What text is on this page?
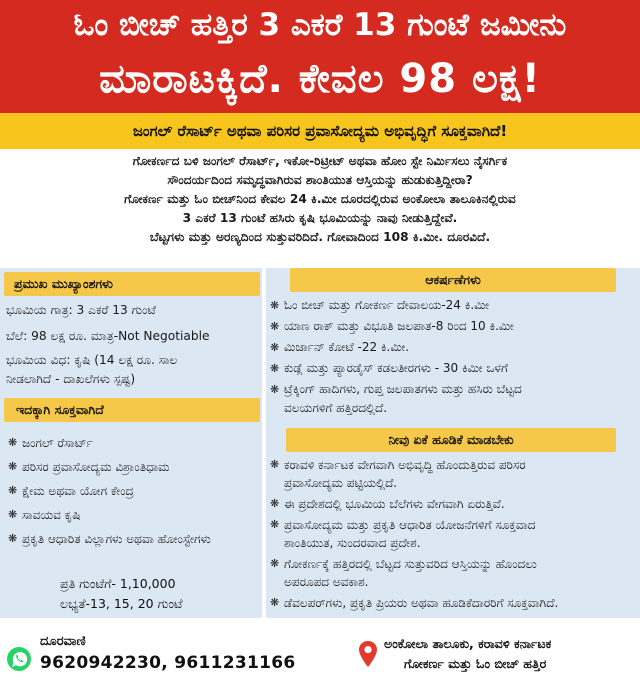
ಓಂ ಬೀಚ್ ಹತ್ತಿರ 3 ಎಕರೆ 13 ಗುಂಟೆ ಜಮೀನು
ಮಾರಾಟಕ್ಕಿದೆ. ಕೇವಲ 98 ಲಕ್ಷ!
ಜಂಗಲ್ ರೆಸಾರ್ಟ್ ಅಥವಾ ಪರಿಸರ ಪ್ರವಾಸೋದ್ಯಮ ಅಭಿವೃದ್ಧಿಗೆ ಸೂಕ್ತವಾಗಿದೆ!

ಗೋಕರ್ಣದ ಬಳಿ ಜಂಗಲ್ ರೆಸಾರ್ಟ್, ಇಕೋ-ರಿಟ್ರೀಟ್ ಅಥವಾ ಹೋಂ ಸ್ಟೇ ನಿರ್ಮಿಸಲು ನೈಸರ್ಗಿಕ

ಸೌಂದರ್ಯದಿಂದ ಸಮೃದ್ಧವಾಗಿರುವ ಶಾಂತಿಯುತ ಆಸ್ತಿಯನ್ನು ಹುಡುಕುತ್ತಿದ್ದೀರಾ?

ಗೋಕರ್ಣ ಮತ್ತು ಓಂ ಬೀಚ್‌ನಿಂದ ಕೇವಲ 24 ಕಿ.ಮೀ ದೂರದಲ್ಲಿರುವ ಅಂಕೋಲಾ ತಾಲೂಕಿನಲ್ಲಿರುವ

3 ಎಕರೆ 13 ಗುಂಟೆ ಹಸಿರು ಕೃಷಿ ಭೂಮಿಯನ್ನು ನಾವು ನೀಡುತ್ತಿದ್ದೇವೆ.

ಬೆಟ್ಟಗಳು ಮತ್ತು ಅರಣ್ಯದಿಂದ ಸುತ್ತುವರಿದಿದೆ. ಗೋವಾದಿಂದ 108 ಕಿ.ಮೀ. ದೂರವಿದೆ.

ಪ್ರಮುಖ ಮುಖ್ಯಾಂಶಗಳು
ಭೂಮಿಯ ಗಾತ್ರ: 3 ಎಕರೆ 13 ಗುಂಟೆ
ಬೆಲೆ: 98 ಲಕ್ಷ ರೂ. ಮಾತ್ರ-Not Negotiable
ಭೂಮಿಯ ವಿಧ: ಕೃಷಿ (14 ಲಕ್ಷ ರೂ. ಸಾಲ
ನೀಡಲಾಗಿದೆ - ದಾಖಲೆಗಳು ಸ್ಪಷ್ಟ)
ಇದಕ್ಕಾಗಿ ಸೂಕ್ತವಾಗಿದೆ
❋ ಜಂಗಲ್ ರೆಸಾರ್ಟ್
❋ ಪರಿಸರ ಪ್ರವಾಸೋದ್ಯಮ ವಿಶ್ರಾಂತಿಧಾಮ
❋ ಕ್ಷೇಮ ಅಥವಾ ಯೋಗ ಕೇಂದ್ರ
❋ ಸಾವಯವ ಕೃಷಿ
❋ ಪ್ರಕೃತಿ ಆಧಾರಿತ ವಿಲ್ಲಾಗಳು ಅಥವಾ ಹೋಂಸ್ಟೇಗಳು

ಪ್ರತಿ ಗುಂಟೆಗೆ- 1,10,000

ಲಭ್ಯತೆ-13, 15, 20 ಗುಂಟೆ

ಆಕರ್ಷಣೆಗಳು
❋ ಓಂ ಬೀಚ್ ಮತ್ತು ಗೋಕರ್ಣ ದೇವಾಲಯ-24 ಕಿ.ಮೀ
❋ ಯಾಣ ರಾಕ್ ಮತ್ತು ವಿಭೂತಿ ಜಲಪಾತ-8 ರಿಂದ 10 ಕಿ.ಮೀ
❋ ಮಿರ್ಜಾನ್ ಕೋಟೆ -22 ಕಿ.ಮೀ.
❋ ಕುಡ್ಲೆ ಮತ್ತು ಪ್ಯಾರಡೈಸ್ ಕಡಲತೀರಗಳು - 30 ಕಿಮೀ ಒಳಗೆ
❋ ಟ್ರೆಕ್ಕಿಂಗ್ ಹಾದಿಗಳು, ಗುಪ್ತ ಜಲಪಾತಗಳು ಮತ್ತು ಹಸಿರು ಬೆಟ್ಟದ
ವಲಯಗಳಿಗೆ ಹತ್ತಿರದಲ್ಲಿದೆ.
ನೀವು ಏಕೆ ಹೂಡಿಕೆ ಮಾಡಬೇಕು
❋ ಕರಾವಳಿ ಕರ್ನಾಟಕ ವೇಗವಾಗಿ ಅಭಿವೃದ್ಧಿ ಹೊಂದುತ್ತಿರುವ ಪರಿಸರ
ಪ್ರವಾಸೋದ್ಯಮ ಪಟ್ಟಿಯಲ್ಲಿದೆ.
❋ ಈ ಪ್ರದೇಶದಲ್ಲಿ ಭೂಮಿಯ ಬೆಲೆಗಳು ವೇಗವಾಗಿ ಏರುತ್ತಿವೆ.
❋ ಪ್ರವಾಸೋದ್ಯಮ ಮತ್ತು ಪ್ರಕೃತಿ ಆಧಾರಿತ ಯೋಜನೆಗಳಿಗೆ ಸೂಕ್ತವಾದ
ಶಾಂತಿಯುತ, ಸುಂದರವಾದ ಪ್ರದೇಶ.
❋ ಗೋಕರ್ಣಕ್ಕೆ ಹತ್ತಿರದಲ್ಲಿ ಬೆಟ್ಟದ ಸುತ್ತುವರಿದ ಆಸ್ತಿಯನ್ನು ಹೊಂದಲು
ಅಪರೂಪದ ಅವಕಾಶ.
❋ ಡೆವಲಪರ್‌ಗಳು, ಪ್ರಕೃತಿ ಪ್ರಿಯರು ಅಥವಾ ಹೂಡಿಕೆದಾರರಿಗೆ ಸೂಕ್ತವಾಗಿದೆ.
ದೂರವಾಣಿ
9620942230, 9611231166
ಅಂಕೋಲಾ ತಾಲೂಕು, ಕರಾವಳಿ ಕರ್ನಾಟಕ
ಗೋಕರ್ಣ ಮತ್ತು ಓಂ ಬೀಚ್ ಹತ್ತಿರ
